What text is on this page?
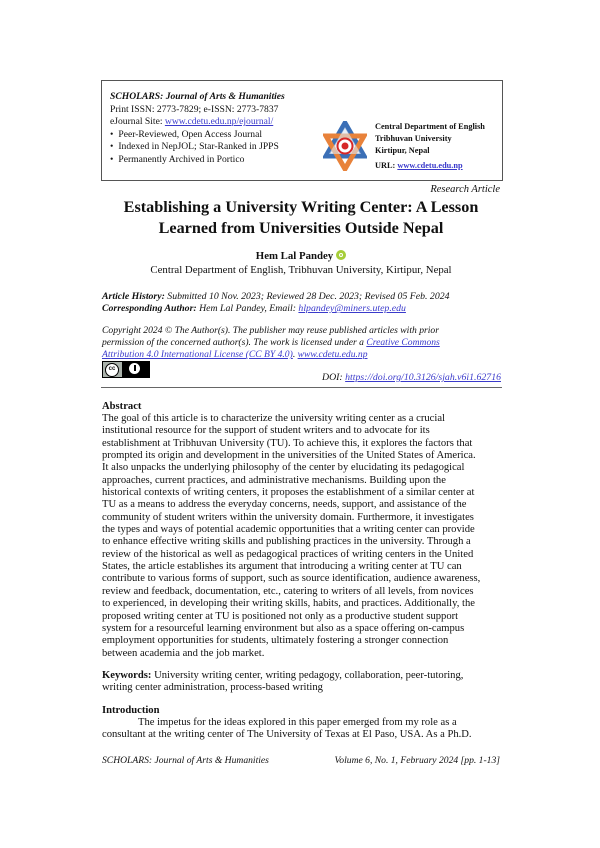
SCHOLARS: Journal of Arts & Humanities
Print ISSN: 2773-7829; e-ISSN: 2773-7837
eJournal Site: www.cdetu.edu.np/ejournal/
• Peer-Reviewed, Open Access Journal
• Indexed in NepJOL; Star-Ranked in JPPS
• Permanently Archived in Portico
Central Department of English
Tribhuvan University
Kirtipur, Nepal
URL: www.cdetu.edu.np
Research Article
Establishing a University Writing Center: A Lesson
Learned from Universities Outside Nepal
Hem Lal Pandey
Central Department of English, Tribhuvan University, Kirtipur, Nepal
Article History: Submitted 10 Nov. 2023; Reviewed 28 Dec. 2023; Revised 05 Feb. 2024
Corresponding Author: Hem Lal Pandey, Email: hlpandey@miners.utep.edu
Copyright 2024 © The Author(s). The publisher may reuse published articles with prior
permission of the concerned author(s). The work is licensed under a Creative Commons
Attribution 4.0 International License (CC BY 4.0). www.cdetu.edu.np
cc
DOI: https://doi.org/10.3126/sjah.v6i1.62716
Abstract
The goal of this article is to characterize the university writing center as a crucial
institutional resource for the support of student writers and to advocate for its
establishment at Tribhuvan University (TU). To achieve this, it explores the factors that
prompted its origin and development in the universities of the United States of America.
It also unpacks the underlying philosophy of the center by elucidating its pedagogical
approaches, current practices, and administrative mechanisms. Building upon the
historical contexts of writing centers, it proposes the establishment of a similar center at
TU as a means to address the everyday concerns, needs, support, and assistance of the
community of student writers within the university domain. Furthermore, it investigates
the types and ways of potential academic opportunities that a writing center can provide
to enhance effective writing skills and publishing practices in the university. Through a
review of the historical as well as pedagogical practices of writing centers in the United
States, the article establishes its argument that introducing a writing center at TU can
contribute to various forms of support, such as source identification, audience awareness,
review and feedback, documentation, etc., catering to writers of all levels, from novices
to experienced, in developing their writing skills, habits, and practices. Additionally, the
proposed writing center at TU is positioned not only as a productive student support
system for a resourceful learning environment but also as a space offering on-campus
employment opportunities for students, ultimately fostering a stronger connection
between academia and the job market.
Keywords: University writing center, writing pedagogy, collaboration, peer-tutoring,
writing center administration, process-based writing
Introduction
The impetus for the ideas explored in this paper emerged from my role as a
consultant at the writing center of The University of Texas at El Paso, USA. As a Ph.D.
SCHOLARS: Journal of Arts & Humanities	Volume 6, No. 1, February 2024 [pp. 1-13]
